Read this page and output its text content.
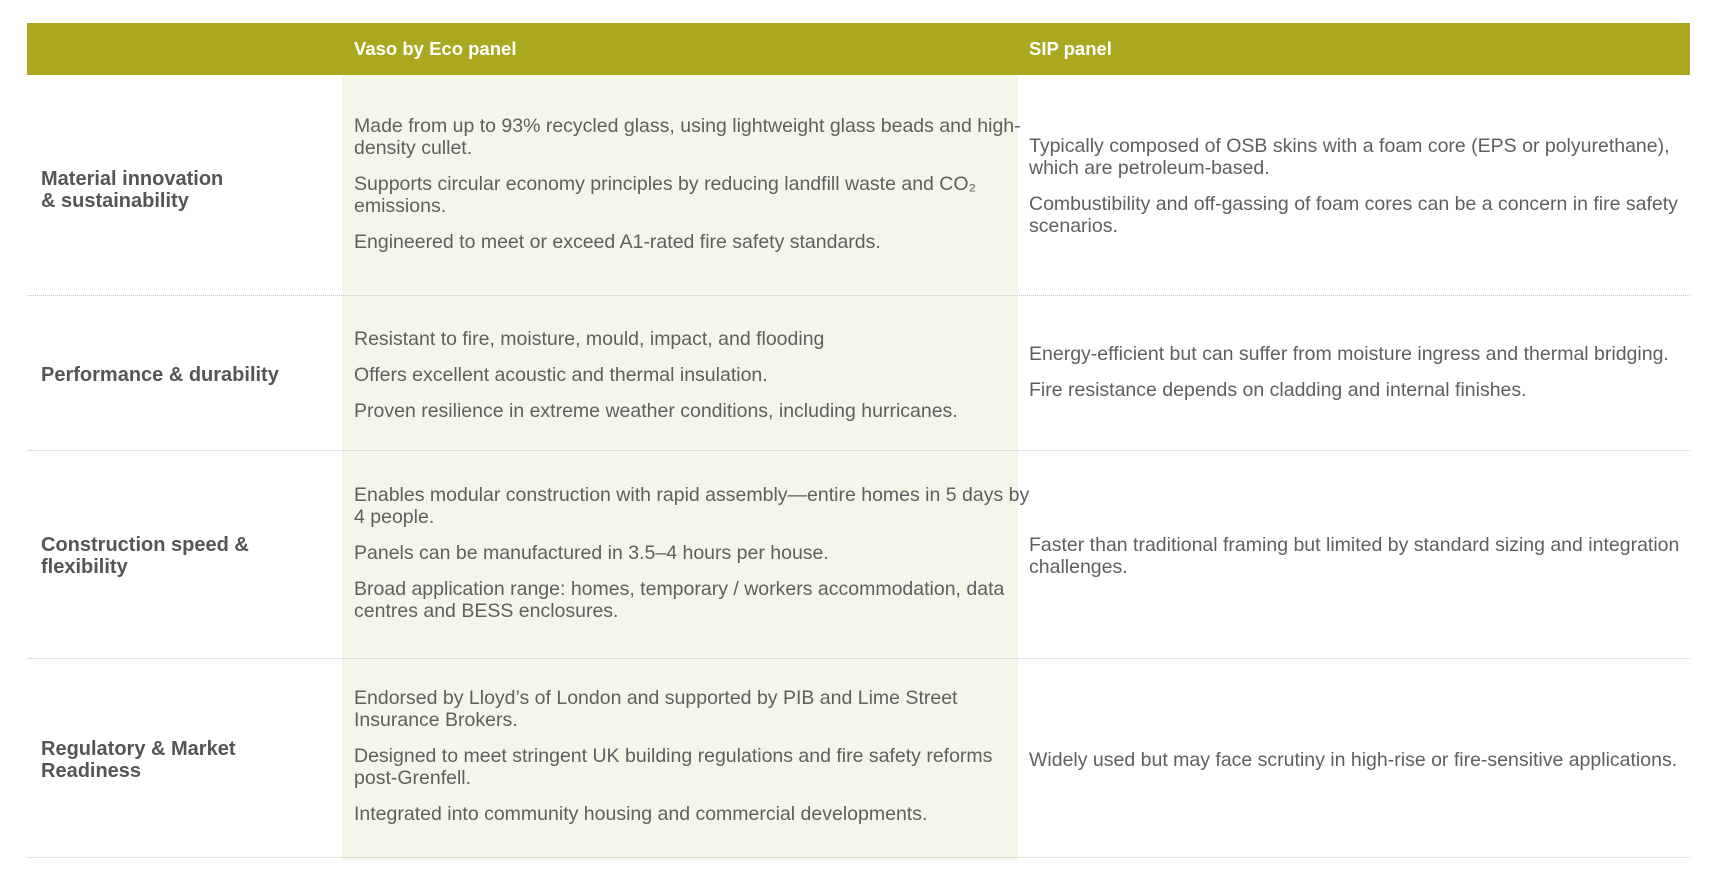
Vaso by Eco panel	SIP panel
Material innovation
& sustainability

Made from up to 93% recycled glass, using lightweight glass beads and high-density cullet.

Supports circular economy principles by reducing landfill waste and CO₂ emissions.

Engineered to meet or exceed A1-rated fire safety standards.

Typically composed of OSB skins with a foam core (EPS or polyurethane), which are petroleum-based.

Combustibility and off-gassing of foam cores can be a concern in fire safety scenarios.

Performance & durability

Resistant to fire, moisture, mould, impact, and flooding

Offers excellent acoustic and thermal insulation.

Proven resilience in extreme weather conditions, including hurricanes.

Energy-efficient but can suffer from moisture ingress and thermal bridging.

Fire resistance depends on cladding and internal finishes.

Construction speed &
flexibility

Enables modular construction with rapid assembly—entire homes in 5 days by 4 people.

Panels can be manufactured in 3.5–4 hours per house.

Broad application range: homes, temporary / workers accommodation, data centres and BESS enclosures.

Faster than traditional framing but limited by standard sizing and integration challenges.

Regulatory & Market Readiness

Endorsed by Lloyd’s of London and supported by PIB and Lime Street Insurance Brokers.

Designed to meet stringent UK building regulations and fire safety reforms post-Grenfell.

Integrated into community housing and commercial developments.

Widely used but may face scrutiny in high-rise or fire-sensitive applications.
